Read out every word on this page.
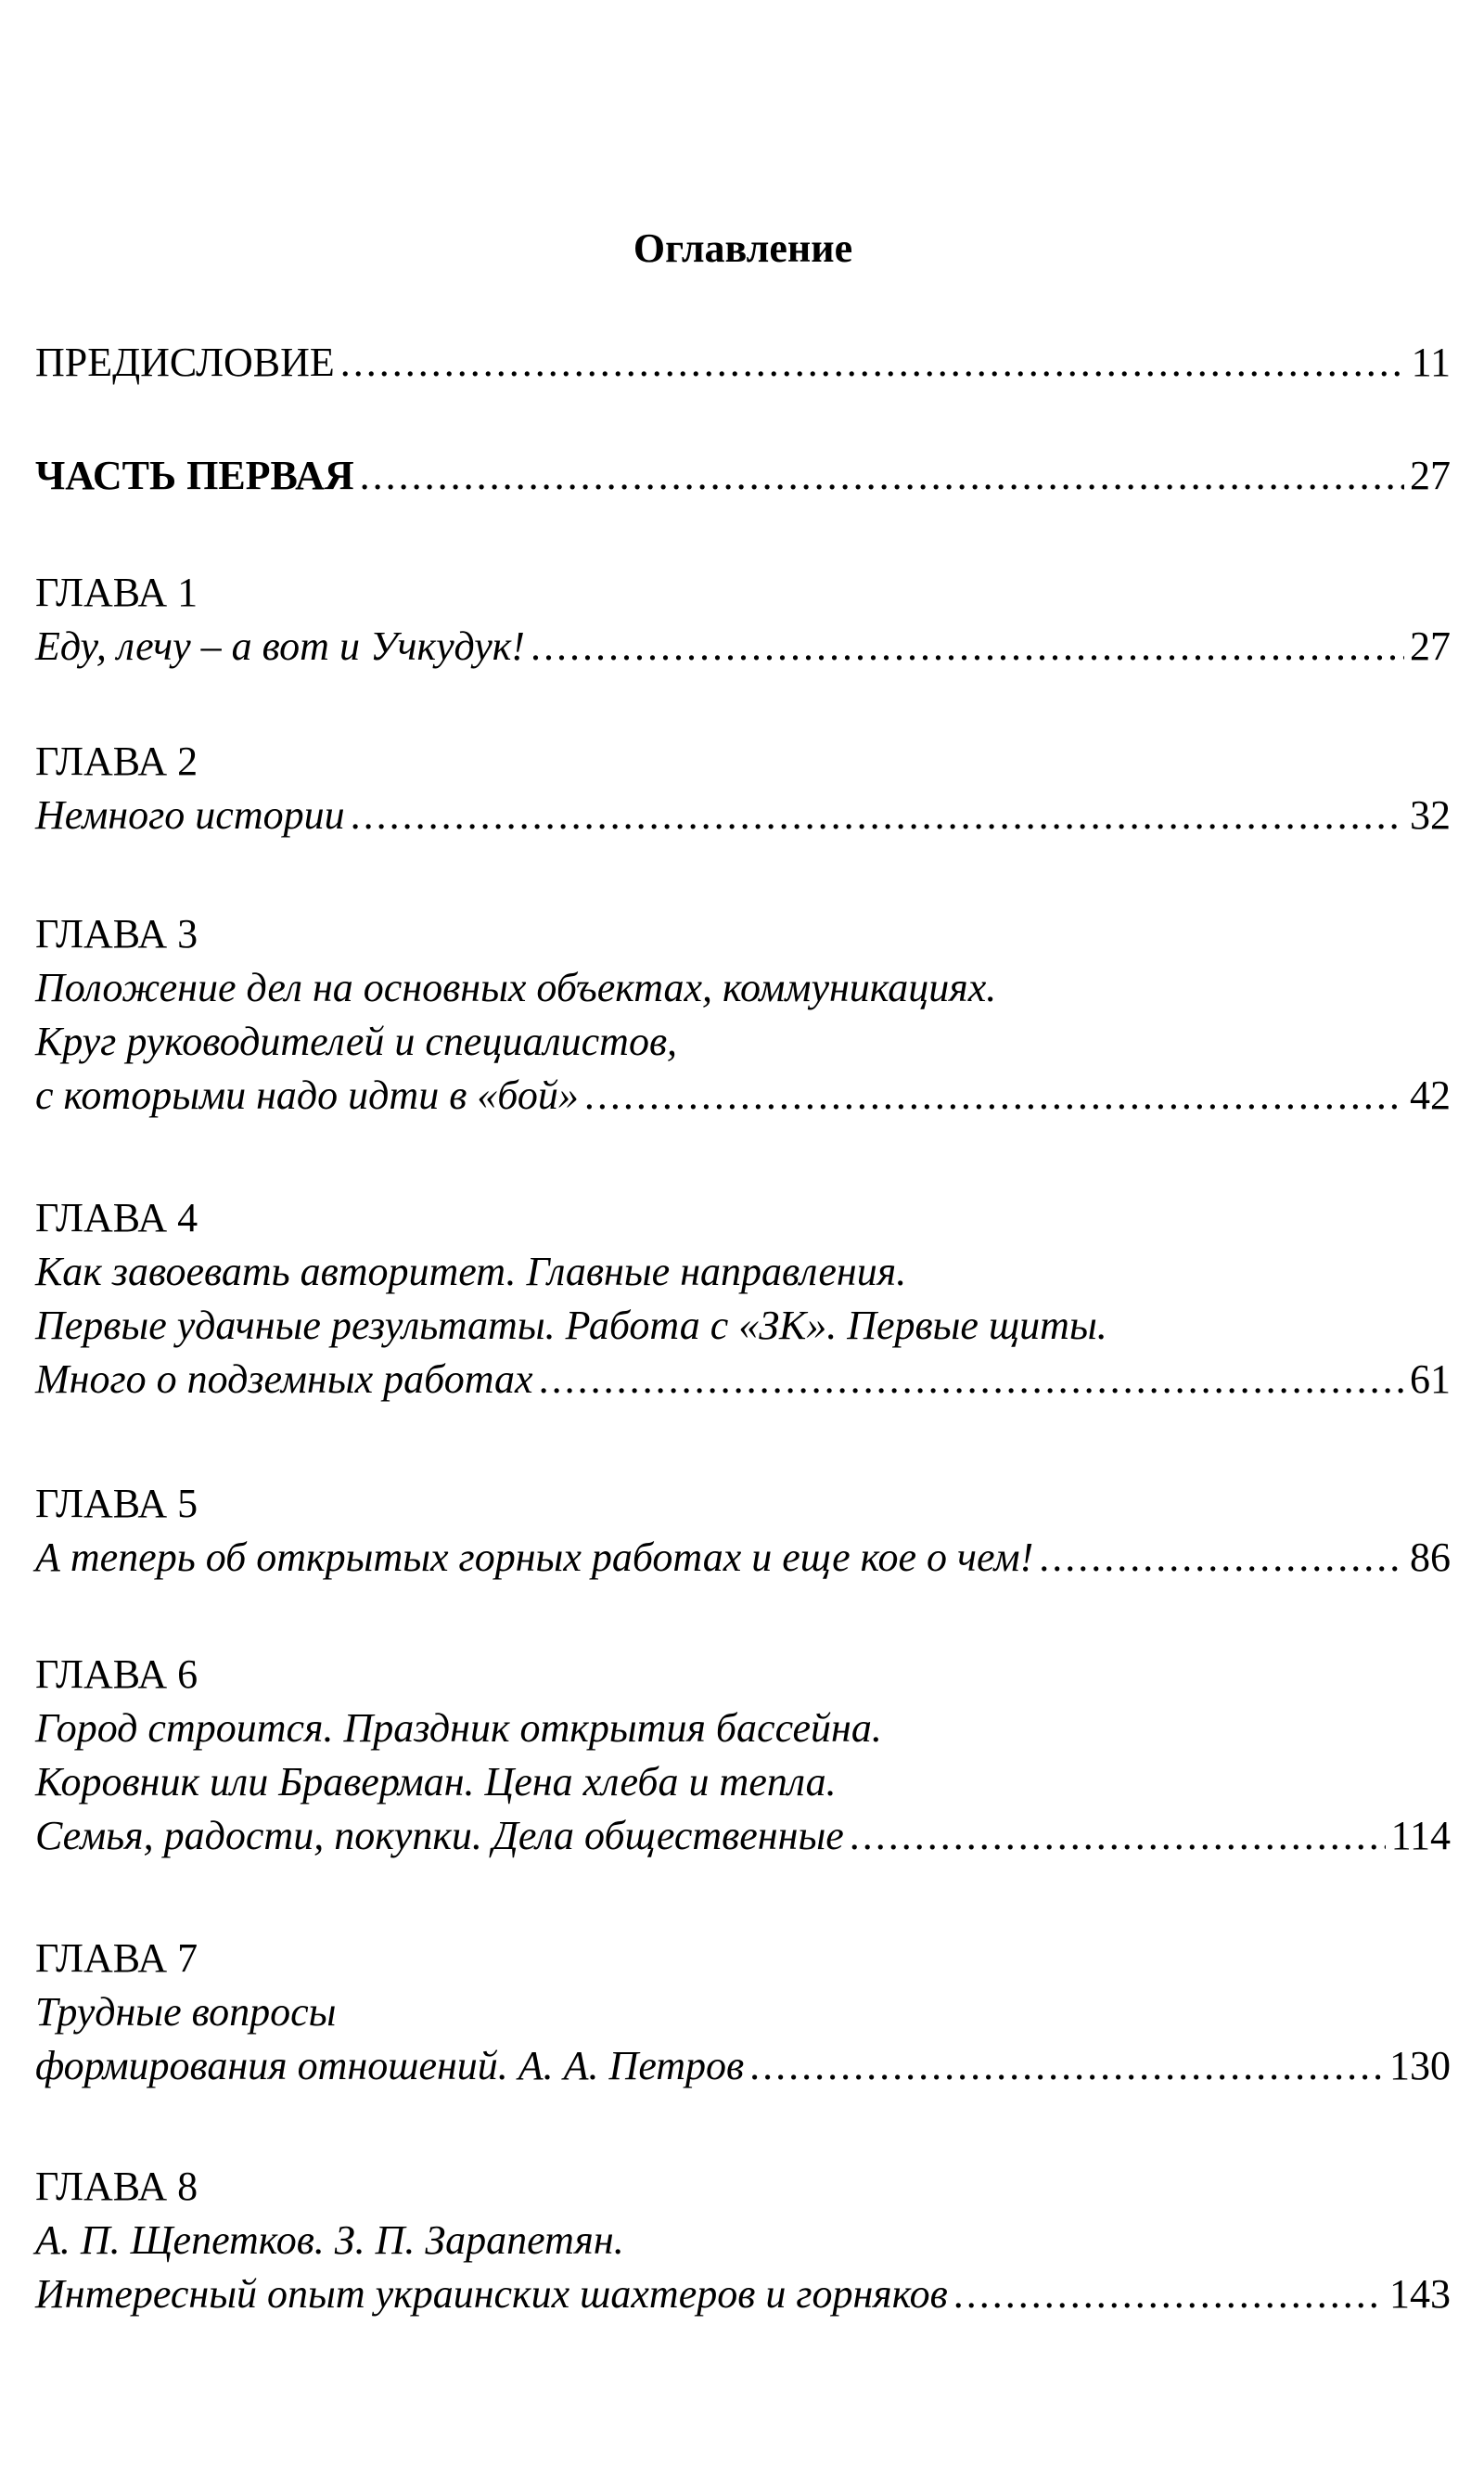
Оглавление
ПРЕДИСЛОВИЕ .....	11
ЧАСТЬ ПЕРВАЯ .....	27
ГЛАВА 1
Еду, лечу – а вот и Учкудук! .....	27
ГЛАВА 2
Немного истории .....	32
ГЛАВА 3
Положение дел на основных объектах, коммуникациях.
Круг руководителей и специалистов,
с которыми надо идти в «бой» .....	42
ГЛАВА 4
Как завоевать авторитет. Главные направления.
Первые удачные результаты. Работа с «ЗК». Первые щиты.
Много о подземных работах .....	61
ГЛАВА 5
А теперь об открытых горных работах и еще кое о чем! .....	86
ГЛАВА 6
Город строится. Праздник открытия бассейна.
Коровник или Браверман. Цена хлеба и тепла.
Семья, радости, покупки. Дела общественные .....	114
ГЛАВА 7
Трудные вопросы
формирования отношений. А. А. Петров .....	130
ГЛАВА 8
А. П. Щепетков. З. П. Зарапетян.
Интересный опыт украинских шахтеров и горняков .....	143
